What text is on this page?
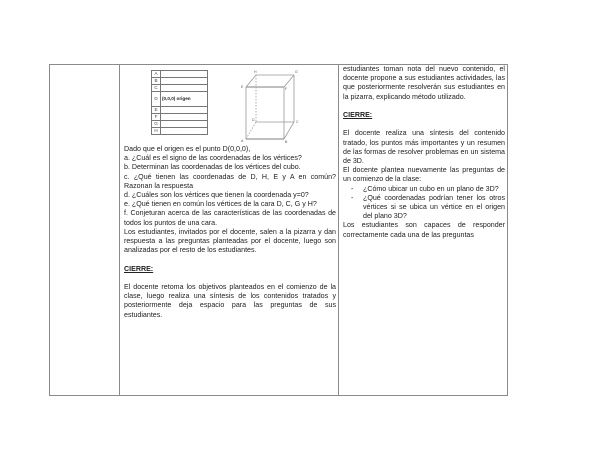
A	
B	
C	
D	(0,0,0) origen
E	
F	
G	
H	
H	G
E	F
D	C
A	B

Dado que el origen es el punto D(0,0,0),

a. ¿Cuál es el signo de las coordenadas de los vértices?

b. Determinan las coordenadas de los vértices del cubo.

c. ¿Qué tienen las coordenadas de D, H, E y A en común? Razonan la respuesta

d. ¿Cuáles son los vértices que tienen la coordenada y=0?

e. ¿Qué tienen en común los vértices de la cara D, C, G y H?

f. Conjeturan acerca de las características de las coordenadas de todos los puntos de una cara.

Los estudiantes, invitados por el docente, salen a la pizarra y dan respuesta a las preguntas planteadas por el docente, luego son analizadas por el resto de los estudiantes.

CIERRE:

El docente retoma los objetivos planteados en el comienzo de la clase, luego realiza una síntesis de los contenidos tratados y posteriormente deja espacio para las preguntas de sus estudiantes.

estudiantes toman nota del nuevo contenido, el docente propone a sus estudiantes actividades, las que posteriormente resolverán sus estudiantes en la pizarra, explicando método utilizado.

CIERRE:

El docente realiza una síntesis del contenido tratado, los puntos más importantes y un resumen de las formas de resolver problemas en un sistema de 3D.

El docente plantea nuevamente las preguntas de un comienzo de la clase:

- ¿Cómo ubicar un cubo en un plano de 3D?
- ¿Qué coordenadas podrían tener los otros vértices si se ubica un vértice en el origen del plano 3D?

Los estudiantes son capaces de responder correctamente cada una de las preguntas
